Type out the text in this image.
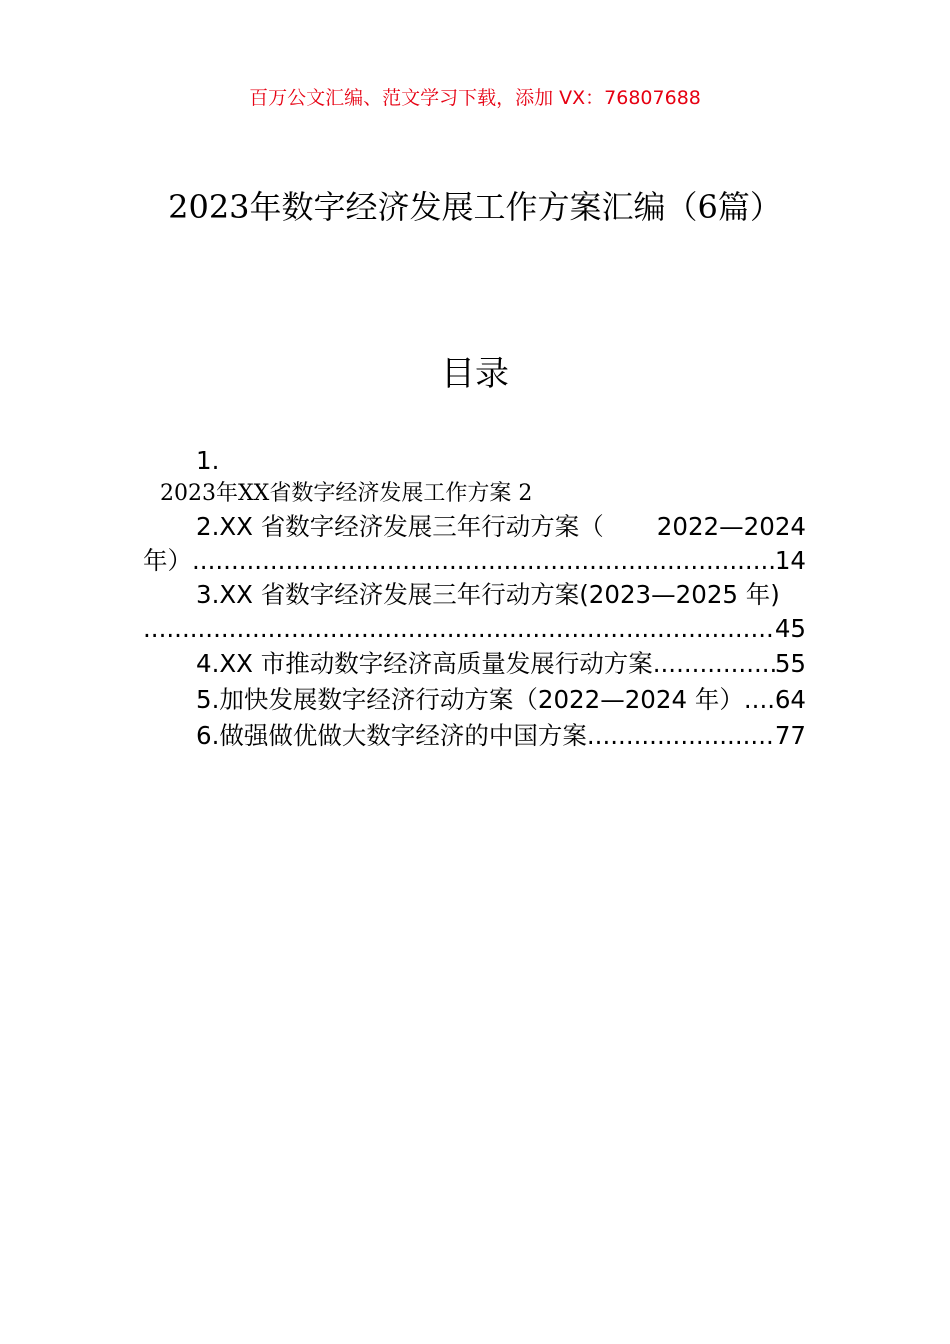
百万公文汇编、范文学习下载，添加 VX：76807688
2023年数字经济发展工作方案汇编（6篇）
目录
1.
2023年XX省数字经济发展工作方案 2
2.XX 省数字经济发展三年行动方案（ 2022—2024
年） .....	14
3.XX 省数字经济发展三年行动方案(2023—2025 年)
.....
45
4.XX 市推动数字经济高质量发展行动方案 .....	55
5.加快发展数字经济行动方案（2022—2024 年） ..... 64
6.做强做优做大数字经济的中国方案 .....	77
